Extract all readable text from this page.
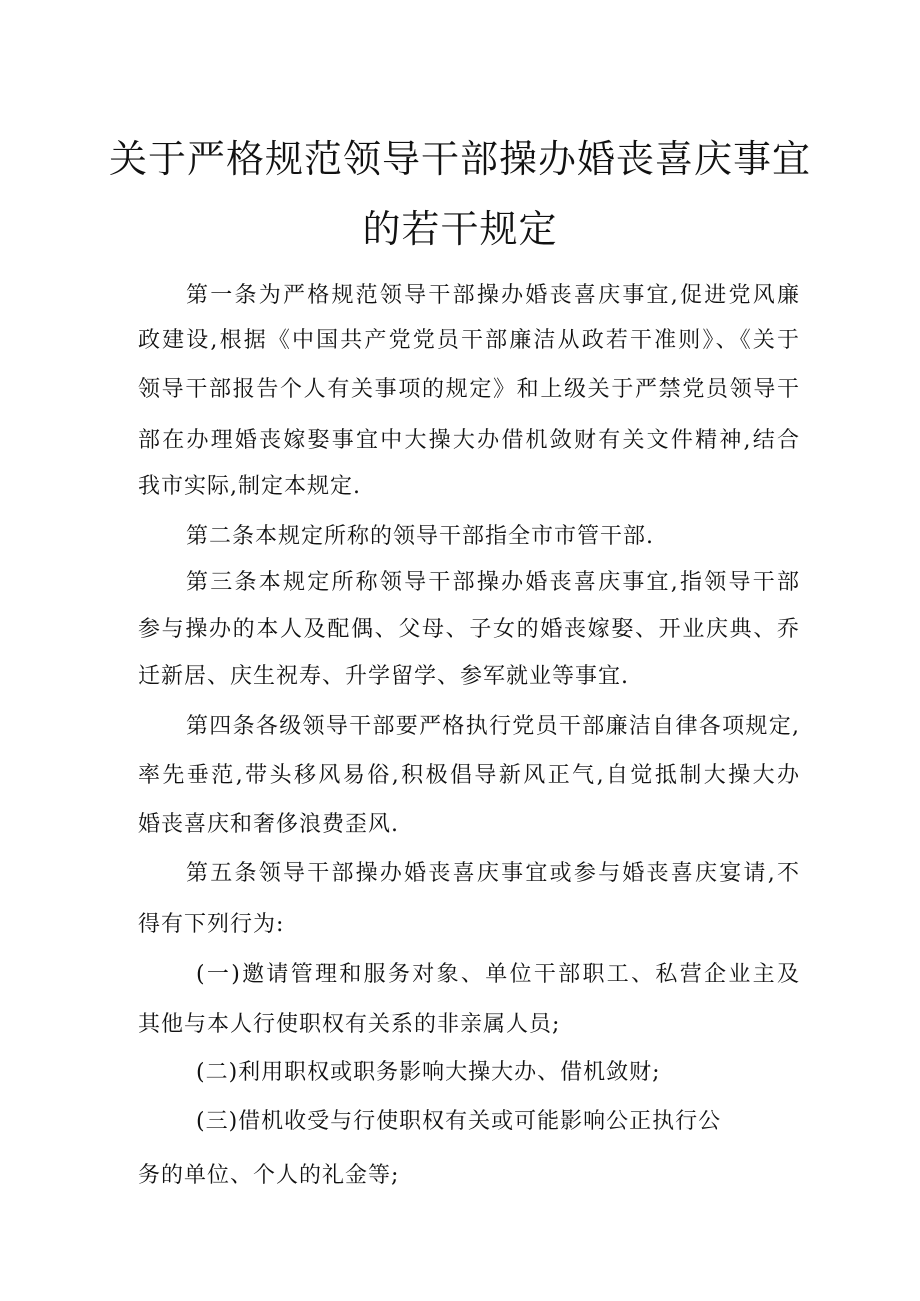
关于严格规范领导干部操办婚丧喜庆事宜
的若干规定
第一条为严格规范领导干部操办婚丧喜庆事宜,促进党风廉
政建设,根据《中国共产党党员干部廉洁从政若干准则》、《关于
领导干部报告个人有关事项的规定》和上级关于严禁党员领导干
部在办理婚丧嫁娶事宜中大操大办借机敛财有关文件精神,结合
我市实际,制定本规定.
第二条本规定所称的领导干部指全市市管干部.
第三条本规定所称领导干部操办婚丧喜庆事宜,指领导干部
参与操办的本人及配偶、父母、子女的婚丧嫁娶、开业庆典、乔
迁新居、庆生祝寿、升学留学、参军就业等事宜.
第四条各级领导干部要严格执行党员干部廉洁自律各项规定,
率先垂范,带头移风易俗,积极倡导新风正气,自觉抵制大操大办
婚丧喜庆和奢侈浪费歪风.
第五条领导干部操办婚丧喜庆事宜或参与婚丧喜庆宴请,不
得有下列行为:
(一)邀请管理和服务对象、单位干部职工、私营企业主及
其他与本人行使职权有关系的非亲属人员;
(二)利用职权或职务影响大操大办、借机敛财;
(三)借机收受与行使职权有关或可能影响公正执行公
务的单位、个人的礼金等;
